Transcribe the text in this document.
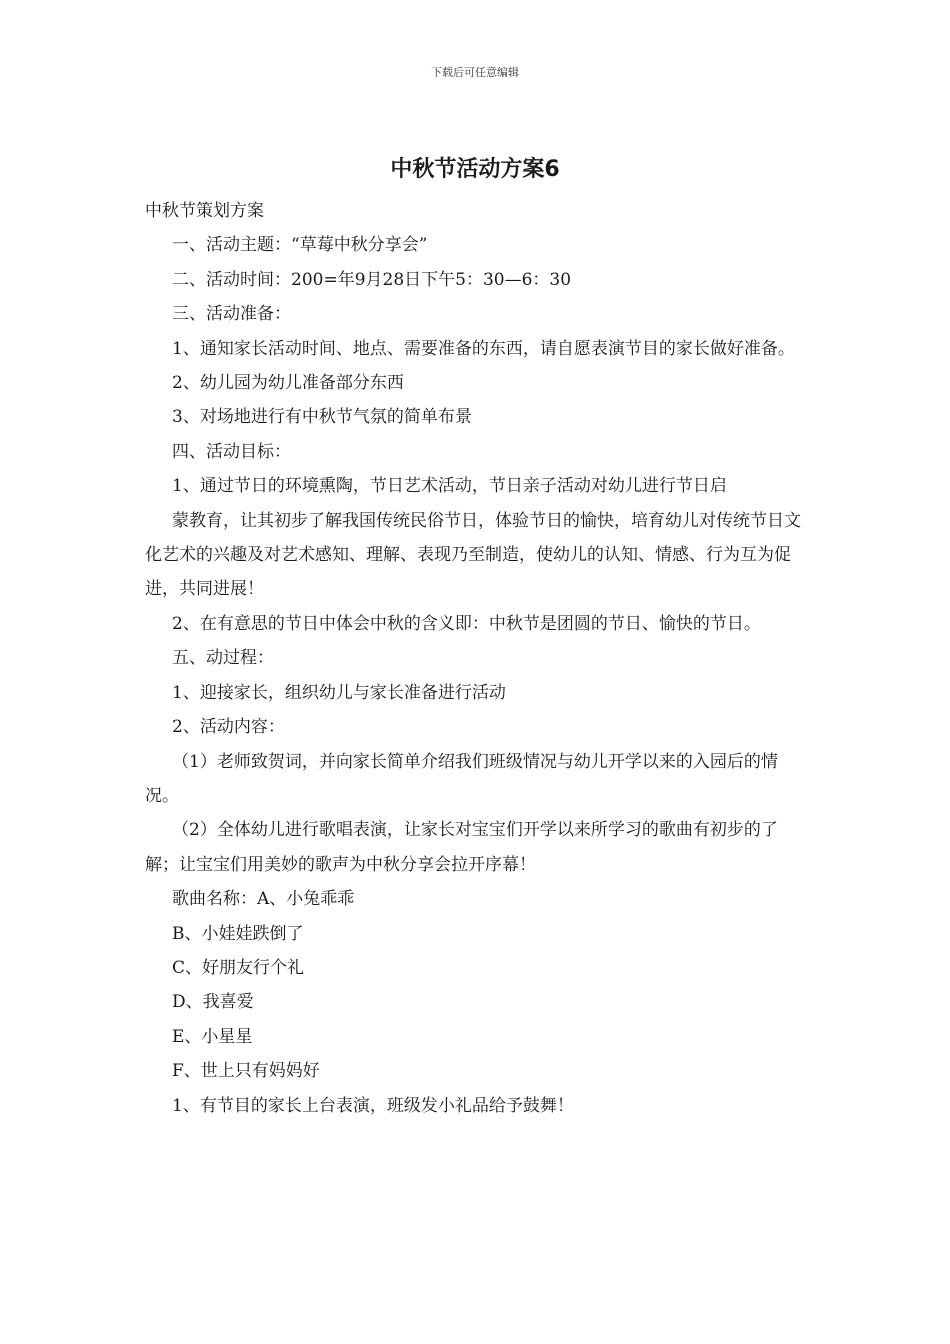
下载后可任意编辑
中秋节活动方案6

中秋节策划方案

一、活动主题：“草莓中秋分享会”

二、活动时间：200=年9月28日下午5：30—6：30

三、活动准备：

1、通知家长活动时间、地点、需要准备的东西，请自愿表演节目的家长做好准备。

2、幼儿园为幼儿准备部分东西

3、对场地进行有中秋节气氛的简单布景

四、活动目标：

1、通过节日的环境熏陶，节日艺术活动，节日亲子活动对幼儿进行节日启

蒙教育，让其初步了解我国传统民俗节日，体验节日的愉快，培育幼儿对传统节日文化艺术的兴趣及对艺术感知、理解、表现乃至制造，使幼儿的认知、情感、行为互为促进，共同进展！

2、在有意思的节日中体会中秋的含义即：中秋节是团圆的节日、愉快的节日。

五、动过程：

1、迎接家长，组织幼儿与家长准备进行活动

2、活动内容：

（1）老师致贺词，并向家长简单介绍我们班级情况与幼儿开学以来的入园后的情况。

（2）全体幼儿进行歌唱表演，让家长对宝宝们开学以来所学习的歌曲有初步的了解；让宝宝们用美妙的歌声为中秋分享会拉开序幕！

歌曲名称：A、小兔乖乖

B、小娃娃跌倒了

C、好朋友行个礼

D、我喜爱

E、小星星

F、世上只有妈妈好

1、有节目的家长上台表演，班级发小礼品给予鼓舞！
